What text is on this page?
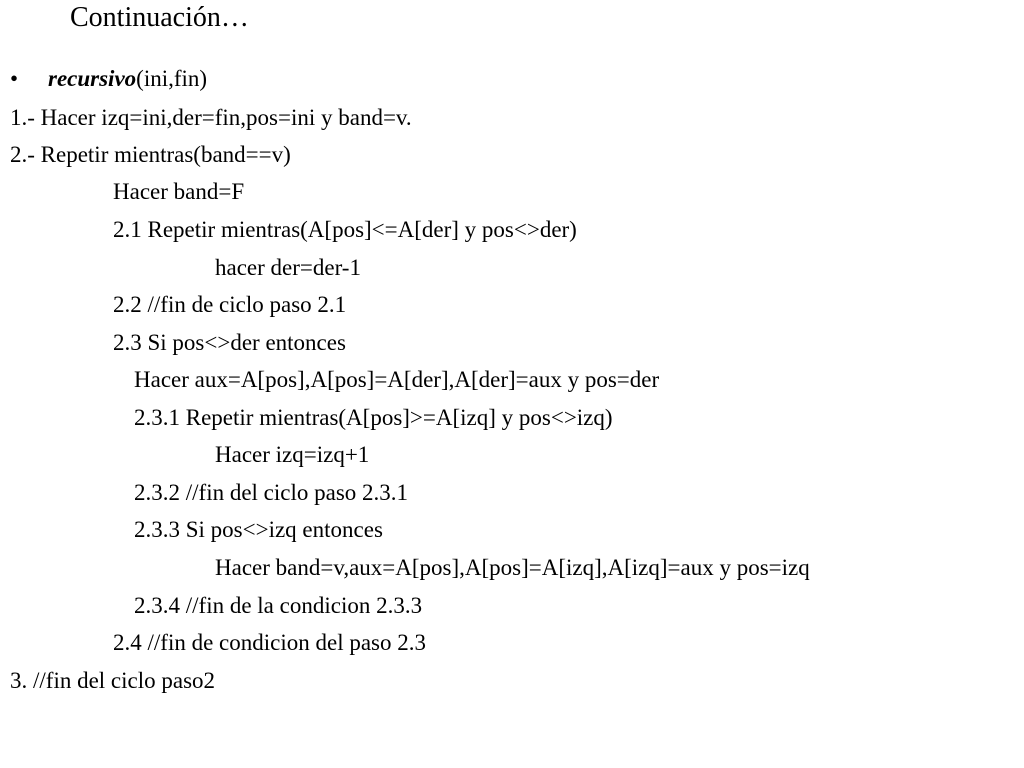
Continuación…
• recursivo(ini,fin)
1.- Hacer izq=ini,der=fin,pos=ini y band=v.
2.- Repetir mientras(band==v)
Hacer band=F
2.1 Repetir mientras(A[pos]<=A[der] y pos<>der)
hacer der=der-1
2.2 //fin de ciclo paso 2.1
2.3 Si pos<>der entonces
Hacer aux=A[pos],A[pos]=A[der],A[der]=aux y pos=der
2.3.1 Repetir mientras(A[pos]>=A[izq] y pos<>izq)
Hacer izq=izq+1
2.3.2 //fin del ciclo paso 2.3.1
2.3.3 Si pos<>izq entonces
Hacer band=v,aux=A[pos],A[pos]=A[izq],A[izq]=aux y pos=izq
2.3.4 //fin de la condicion 2.3.3
2.4 //fin de condicion del paso 2.3
3. //fin del ciclo paso2
